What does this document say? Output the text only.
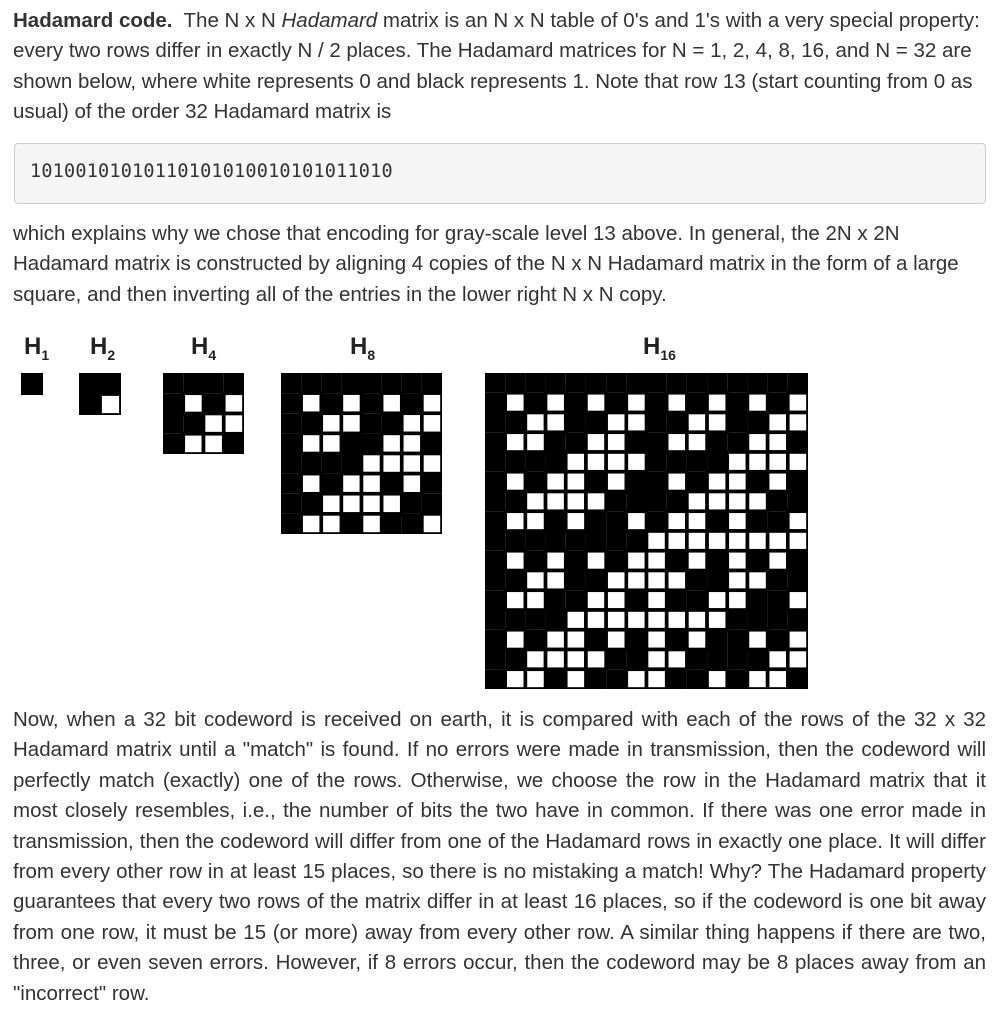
Hadamard code. The N x N Hadamard matrix is an N x N table of 0's and 1's with a very special property: every two rows differ in exactly N / 2 places. The Hadamard matrices for N = 1, 2, 4, 8, 16, and N = 32 are shown below, where white represents 0 and black represents 1. Note that row 13 (start counting from 0 as usual) of the order 32 Hadamard matrix is

10100101010110101010010101011010

which explains why we chose that encoding for gray-scale level 13 above. In general, the 2N x 2N Hadamard matrix is constructed by aligning 4 copies of the N x N Hadamard matrix in the form of a large square, and then inverting all of the entries in the lower right N x N copy.

$H_1$ $H_2$	$H_4$	$H_8$	$H_{16}$

Now, when a 32 bit codeword is received on earth, it is compared with each of the rows of the 32 x 32 Hadamard matrix until a "match" is found. If no errors were made in transmission, then the codeword will perfectly match (exactly) one of the rows. Otherwise, we choose the row in the Hadamard matrix that it most closely resembles, i.e., the number of bits the two have in common. If there was one error made in transmission, then the codeword will differ from one of the Hadamard rows in exactly one place. It will differ from every other row in at least 15 places, so there is no mistaking a match! Why? The Hadamard property guarantees that every two rows of the matrix differ in at least 16 places, so if the codeword is one bit away from one row, it must be 15 (or more) away from every other row. A similar thing happens if there are two, three, or even seven errors. However, if 8 errors occur, then the codeword may be 8 places away from an "incorrect" row.
